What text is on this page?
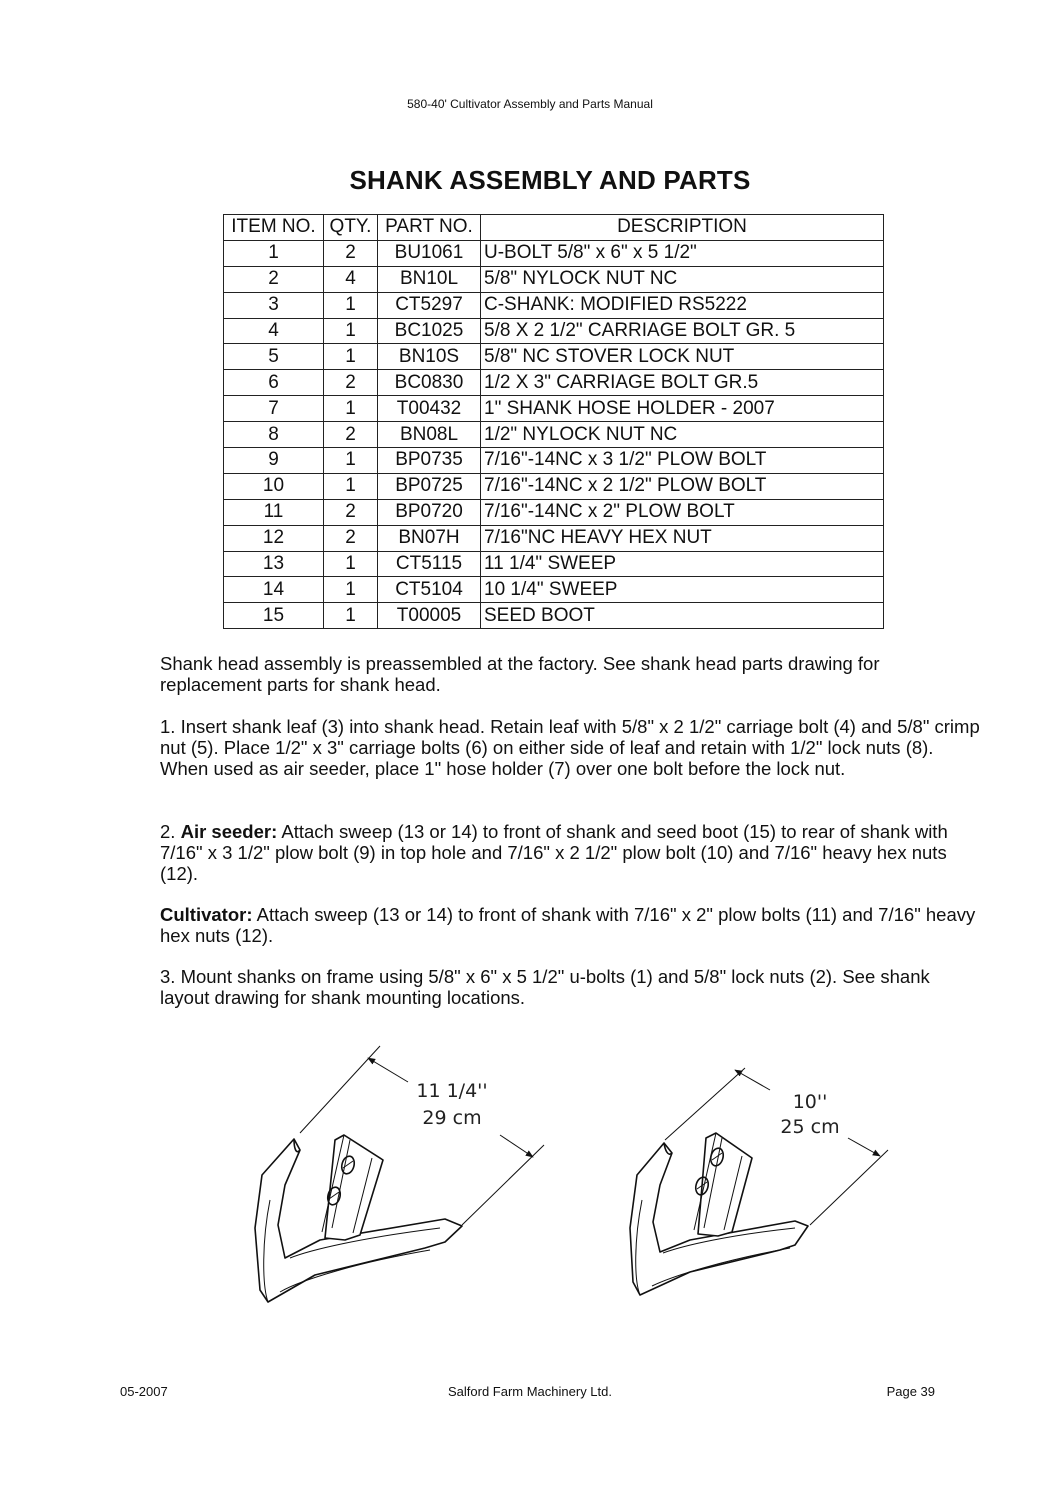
580-40' Cultivator Assembly and Parts Manual
SHANK ASSEMBLY AND PARTS
ITEM NO.	QTY.	PART NO.	DESCRIPTION
1	2	BU1061	U-BOLT 5/8" x 6" x 5 1/2"
2	4	BN10L	5/8" NYLOCK NUT NC
3	1	CT5297	C-SHANK: MODIFIED RS5222
4	1	BC1025	5/8 X 2 1/2" CARRIAGE BOLT GR. 5
5	1	BN10S	5/8" NC STOVER LOCK NUT
6	2	BC0830	1/2 X 3" CARRIAGE BOLT GR.5
7	1	T00432	1" SHANK HOSE HOLDER - 2007
8	2	BN08L	1/2" NYLOCK NUT NC
9	1	BP0735	7/16"-14NC x 3 1/2" PLOW BOLT
10	1	BP0725	7/16"-14NC x 2 1/2" PLOW BOLT
11	2	BP0720	7/16"-14NC x 2" PLOW BOLT
12	2	BN07H	7/16"NC HEAVY HEX NUT
13	1	CT5115	11 1/4" SWEEP
14	1	CT5104	10 1/4" SWEEP
15	1	T00005	SEED BOOT
Shank head assembly is preassembled at the factory. See shank head parts drawing for replacement parts for shank head.
1. Insert shank leaf (3) into shank head. Retain leaf with 5/8" x 2 1/2" carriage bolt (4) and 5/8" crimp nut (5). Place 1/2" x 3" carriage bolts (6) on either side of leaf and retain with 1/2" lock nuts (8). When used as air seeder, place 1" hose holder (7) over one bolt before the lock nut.
2. Air seeder: Attach sweep (13 or 14) to front of shank and seed boot (15) to rear of shank with 7/16" x 3 1/2" plow bolt (9) in top hole and 7/16" x 2 1/2" plow bolt (10) and 7/16" heavy hex nuts (12).
Cultivator: Attach sweep (13 or 14) to front of shank with 7/16" x 2" plow bolts (11) and 7/16" heavy hex nuts (12).
3. Mount shanks on frame using 5/8" x 6" x 5 1/2" u-bolts (1) and 5/8" lock nuts (2). See shank layout drawing for shank mounting locations.
11 1/4''
29 cm
10''
25 cm
05-2007	Salford Farm Machinery Ltd.	Page 39
